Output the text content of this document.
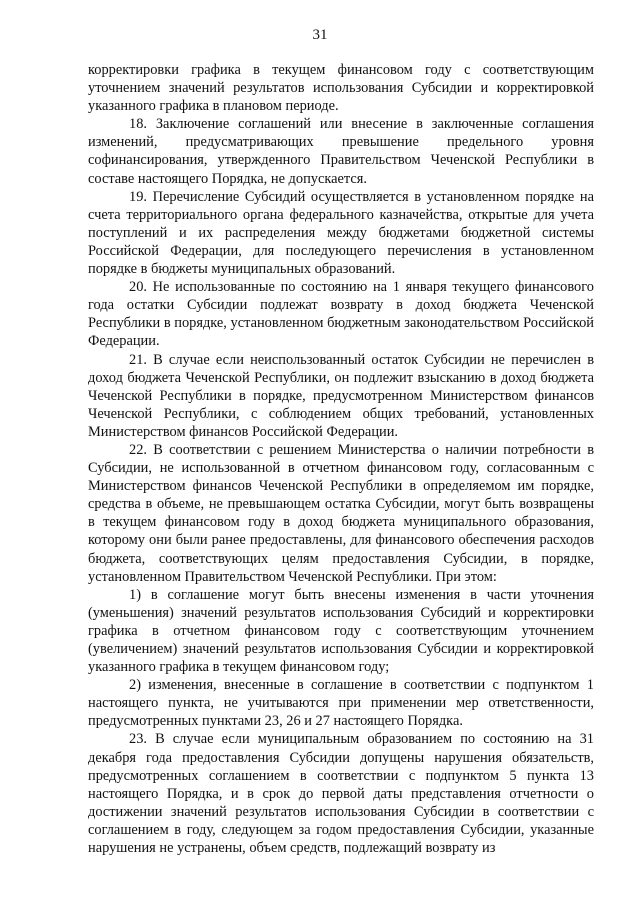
31

корректировки графика в текущем финансовом году с соответствующим уточнением значений результатов использования Субсидии и корректировкой указанного графика в плановом периоде.

18. Заключение соглашений или внесение в заключенные соглашения изменений, предусматривающих превышение предельного уровня софинансирования, утвержденного Правительством Чеченской Республики в составе настоящего Порядка, не допускается.

19. Перечисление Субсидий осуществляется в установленном порядке на счета территориального органа федерального казначейства, открытые для учета поступлений и их распределения между бюджетами бюджетной системы Российской Федерации, для последующего перечисления в установленном порядке в бюджеты муниципальных образований.

20. Не использованные по состоянию на 1 января текущего финансового года остатки Субсидии подлежат возврату в доход бюджета Чеченской Республики в порядке, установленном бюджетным законодательством Российской Федерации.

21. В случае если неиспользованный остаток Субсидии не перечислен в доход бюджета Чеченской Республики, он подлежит взысканию в доход бюджета Чеченской Республики в порядке, предусмотренном Министерством финансов Чеченской Республики, с соблюдением общих требований, установленных Министерством финансов Российской Федерации.

22. В соответствии с решением Министерства о наличии потребности в Субсидии, не использованной в отчетном финансовом году, согласованным с Министерством финансов Чеченской Республики в определяемом им порядке, средства в объеме, не превышающем остатка Субсидии, могут быть возвращены в текущем финансовом году в доход бюджета муниципального образования, которому они были ранее предоставлены, для финансового обеспечения расходов бюджета, соответствующих целям предоставления Субсидии, в порядке, установленном Правительством Чеченской Республики. При этом:

1) в соглашение могут быть внесены изменения в части уточнения (уменьшения) значений результатов использования Субсидий и корректировки графика в отчетном финансовом году с соответствующим уточнением (увеличением) значений результатов использования Субсидии и корректировкой указанного графика в текущем финансовом году;

2) изменения, внесенные в соглашение в соответствии с подпунктом 1 настоящего пункта, не учитываются при применении мер ответственности, предусмотренных пунктами 23, 26 и 27 настоящего Порядка.

23. В случае если муниципальным образованием по состоянию на 31 декабря года предоставления Субсидии допущены нарушения обязательств, предусмотренных соглашением в соответствии с подпунктом 5 пункта 13 настоящего Порядка, и в срок до первой даты представления отчетности о достижении значений результатов использования Субсидии в соответствии с соглашением в году, следующем за годом предоставления Субсидии, указанные нарушения не устранены, объем средств, подлежащий возврату из
